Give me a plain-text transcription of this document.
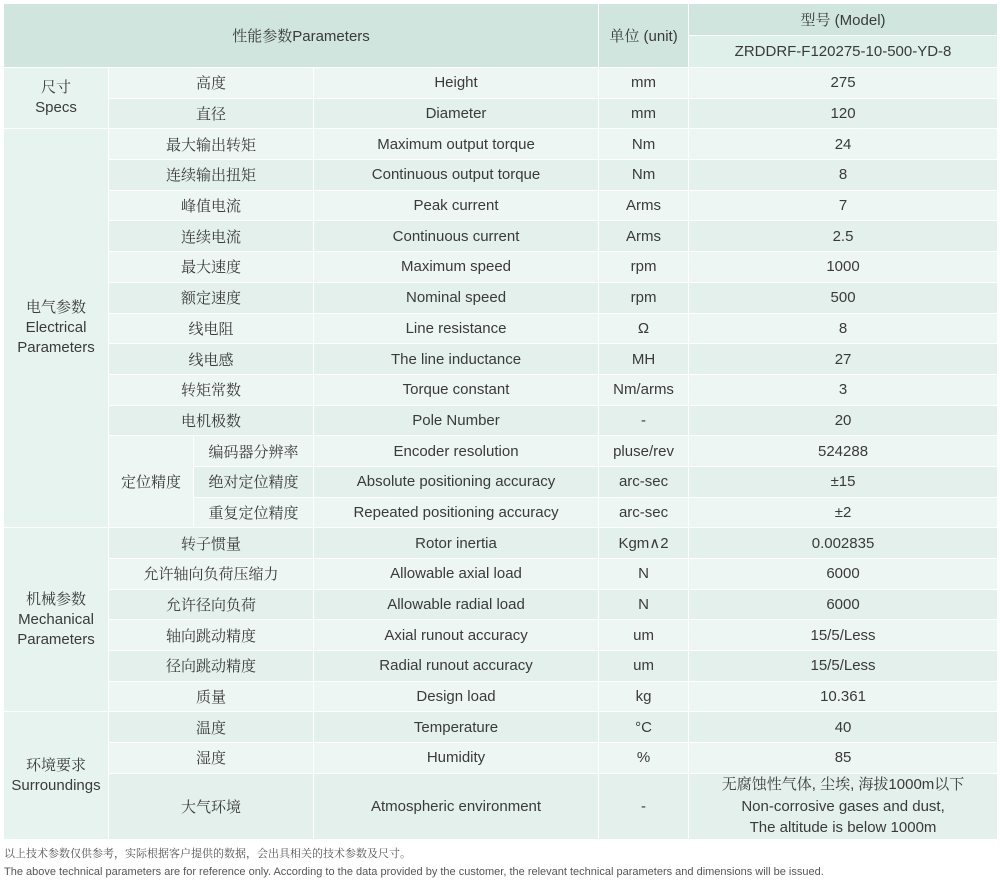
性能参数Parameters				单位 (unit)	型号 (Model)
					ZRDDRF-F120275-10-500-YD-8

尺寸
Specs	高度		Height	mm	275
	直径		Diameter	mm	120

电气参数
Electrical
Parameters	最大输出转矩		Maximum output torque	Nm	24
	连续输出扭矩		Continuous output torque	Nm	8
	峰值电流		Peak current	Arms	7
	连续电流		Continuous current	Arms	2.5
	最大速度		Maximum speed	rpm	1000
	额定速度		Nominal speed	rpm	500
	线电阻		Line resistance	Ω	8
	线电感		The line inductance	MH	27
	转矩常数		Torque constant	Nm/arms	3
	电机极数		Pole Number	-	20
	定位精度	编码器分辨率	Encoder resolution	pluse/rev	524288
		绝对定位精度	Absolute positioning accuracy	arc-sec	±15
		重复定位精度	Repeated positioning accuracy	arc-sec	±2

机械参数
Mechanical
Parameters	转子惯量		Rotor inertia	Kgm∧2	0.002835
	允许轴向负荷压缩力		Allowable axial load	N	6000
	允许径向负荷		Allowable radial load	N	6000
	轴向跳动精度		Axial runout accuracy	um	15/5/Less
	径向跳动精度		Radial runout accuracy	um	15/5/Less
	质量		Design load	kg	10.361

环境要求
Surroundings	温度		Temperature	°C	40
	湿度		Humidity	%	85
	大气环境		Atmospheric environment	-	无腐蚀性气体, 尘埃, 海拔1000m以下
Non-corrosive gases and dust,
The altitude is below 1000m
以上技术参数仅供参考，实际根据客户提供的数据，会出具相关的技术参数及尺寸。
The above technical parameters are for reference only. According to the data provided by the customer, the relevant technical parameters and dimensions will be issued.
